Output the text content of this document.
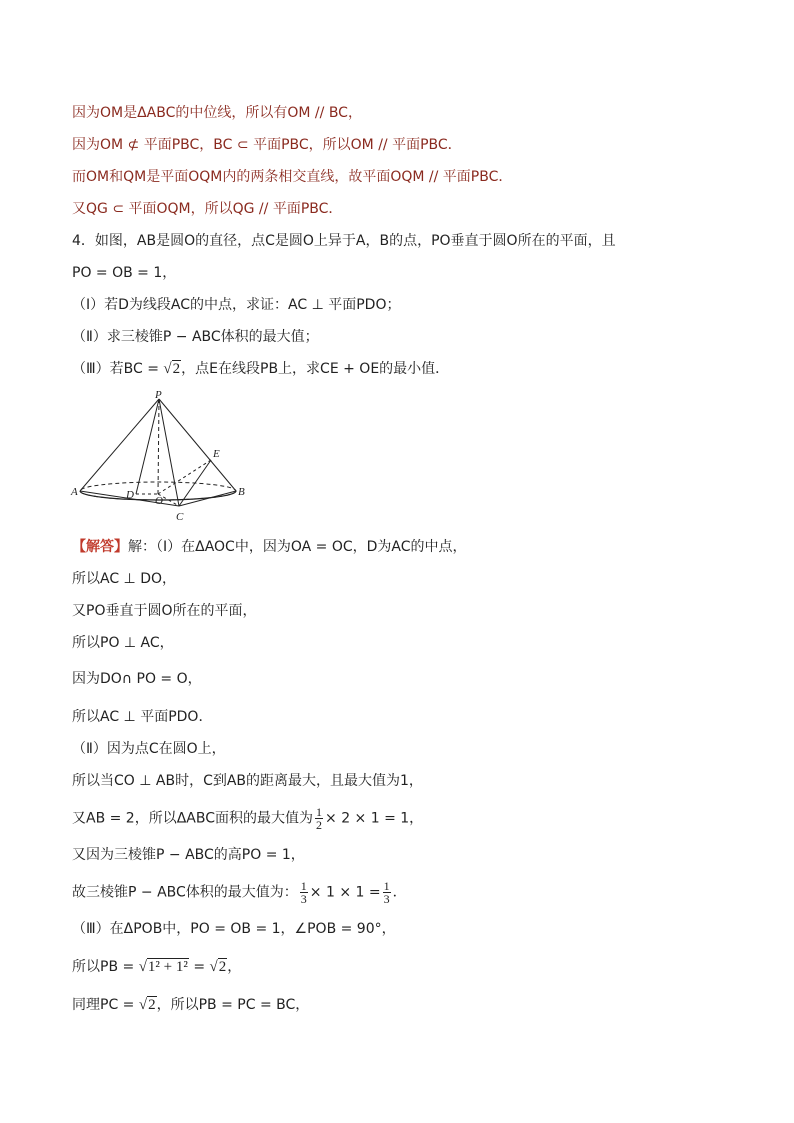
因为OM是ΔABC的中位线，所以有OM // BC，
因为OM ⊄ 平面PBC，BC ⊂ 平面PBC，所以OM // 平面PBC．
而OM和QM是平面OQM内的两条相交直线，故平面OQM // 平面PBC．
又QG ⊂ 平面OQM，所以QG // 平面PBC．
4．如图，AB是圆O的直径，点C是圆O上异于A，B的点，PO垂直于圆O所在的平面，且
PO = OB = 1，
（Ⅰ）若D为线段AC的中点，求证：AC ⊥ 平面PDO；
（Ⅱ）求三棱锥P − ABC体积的最大值；
（Ⅲ）若BC = √2，点E在线段PB上，求CE + OE的最小值．
P
E
A	D O
B
C
【解答】解：（Ⅰ）在ΔAOC中，因为OA = OC，D为AC的中点，
所以AC ⊥ DO，
又PO垂直于圆O所在的平面，
所以PO ⊥ AC，
因为DO∩ PO = O，
所以AC ⊥ 平面PDO．
（Ⅱ）因为点C在圆O上，
所以当CO ⊥ AB时，C到AB的距离最大，且最大值为1，
又AB = 2，所以ΔABC面积的最大值为 $\frac{1}{2} \times 2 \times 1 = 1$，
又因为三棱锥P − ABC的高PO = 1，
故三棱锥P − ABC体积的最大值为： $\frac{1}{3} \times 1 \times 1 = \frac{1}{3}$ ．
（Ⅲ）在ΔPOB中，PO = OB = 1，∠POB = 90°，
所以PB = √1² + 1² = √2，
同理PC = √2，所以PB = PC = BC，
